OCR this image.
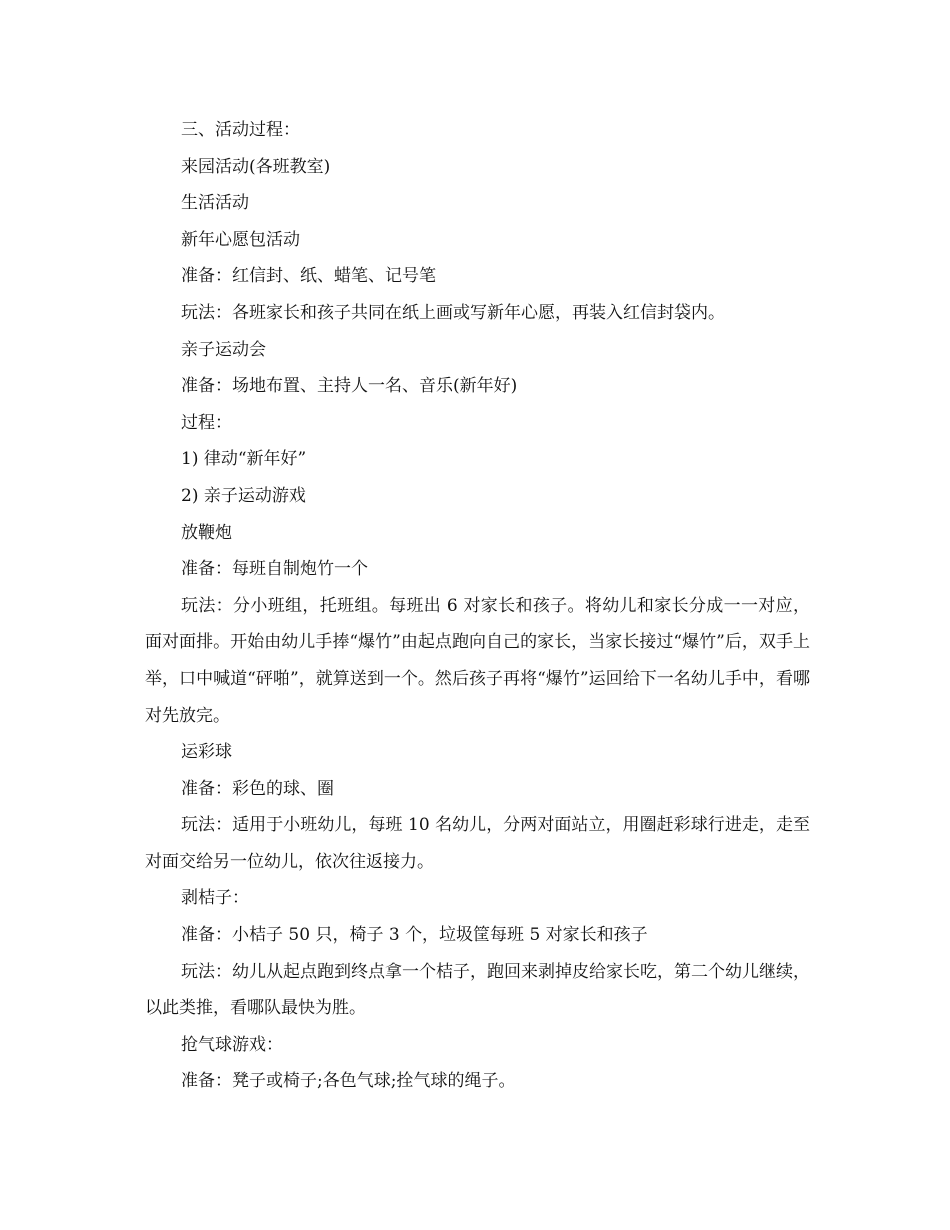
三、活动过程：

来园活动(各班教室)

生活活动

新年心愿包活动

准备：红信封、纸、蜡笔、记号笔

玩法：各班家长和孩子共同在纸上画或写新年心愿，再装入红信封袋内。

亲子运动会

准备：场地布置、主持人一名、音乐(新年好)

过程：

1) 律动“新年好”

2) 亲子运动游戏

放鞭炮

准备：每班自制炮竹一个

玩法：分小班组，托班组。每班出 6 对家长和孩子。将幼儿和家长分成一一对应，面对面排。开始由幼儿手捧“爆竹”由起点跑向自己的家长，当家长接过“爆竹”后，双手上举，口中喊道“砰啪”，就算送到一个。然后孩子再将“爆竹”运回给下一名幼儿手中，看哪对先放完。

运彩球

准备：彩色的球、圈

玩法：适用于小班幼儿，每班 10 名幼儿，分两对面站立，用圈赶彩球行进走，走至对面交给另一位幼儿，依次往返接力。

剥桔子：

准备：小桔子 50 只，椅子 3 个，垃圾筐每班 5 对家长和孩子

玩法：幼儿从起点跑到终点拿一个桔子，跑回来剥掉皮给家长吃，第二个幼儿继续，以此类推，看哪队最快为胜。

抢气球游戏：

准备：凳子或椅子;各色气球;拴气球的绳子。
